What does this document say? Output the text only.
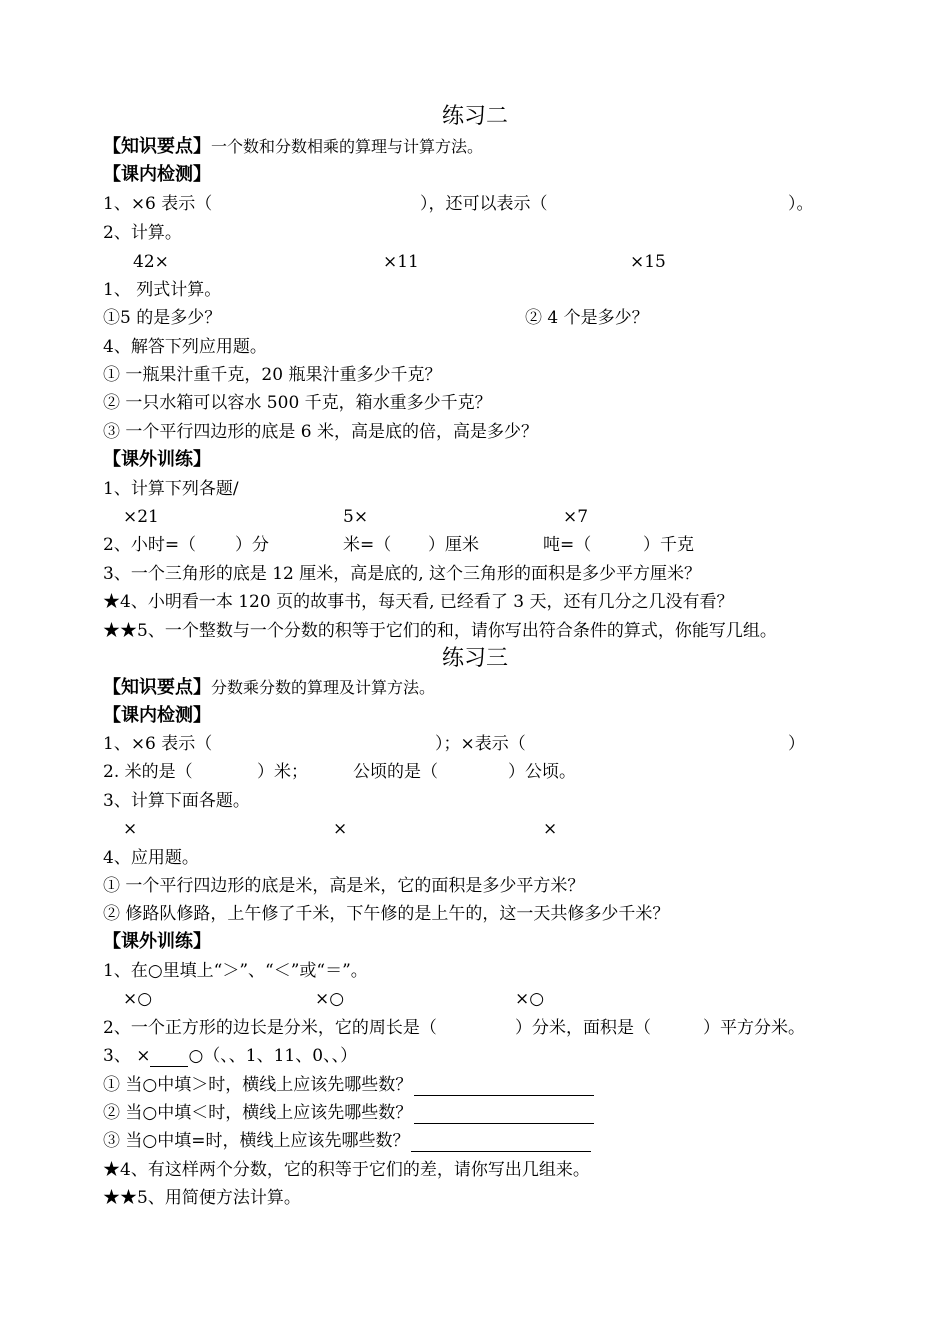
练习二
【知识要点】一个数和分数相乘的算理与计算方法。
【课内检测】
1、×6 表示（	），还可以表示（	）。
2、计算。
42×	×11	×15
1、 列式计算。
①5 的是多少？	② 4 个是多少？
4、解答下列应用题。
① 一瓶果汁重千克，20 瓶果汁重多少千克？
② 一只水箱可以容水 500 千克，箱水重多少千克？
③ 一个平行四边形的底是 6 米，高是底的倍，高是多少？
【课外训练】
1、计算下列各题/
×21	5×	×7
2、小时=（ ）分	米=（ ）厘米	吨=（	）千克
3、一个三角形的底是 12 厘米，高是底的, 这个三角形的面积是多少平方厘米？
★4、小明看一本 120 页的故事书，每天看, 已经看了 3 天，还有几分之几没有看？
★★5、一个整数与一个分数的积等于它们的和，请你写出符合条件的算式，你能写几组。
练习三
【知识要点】分数乘分数的算理及计算方法。
【课内检测】
1、×6 表示（	）；×表示（	）
2. 米的是（	）米；	公顷的是（	）公顷。
3、计算下面各题。
×	×	×
4、应用题。
① 一个平行四边形的底是米，高是米，它的面积是多少平方米？
② 修路队修路，上午修了千米，下午修的是上午的，这一天共修多少千米？
【课外训练】
1、在○里填上“＞”、“＜”或“＝”。
×○	×○	×○
2、一个正方形的边长是分米，它的周长是（	）分米，面积是（	）平方分米。
3、 × ○（、、1、11、0、、）
① 当○中填＞时，横线上应该先哪些数？
② 当○中填＜时，横线上应该先哪些数？
③ 当○中填=时，横线上应该先哪些数？
★4、有这样两个分数，它的积等于它们的差，请你写出几组来。
★★5、用简便方法计算。
